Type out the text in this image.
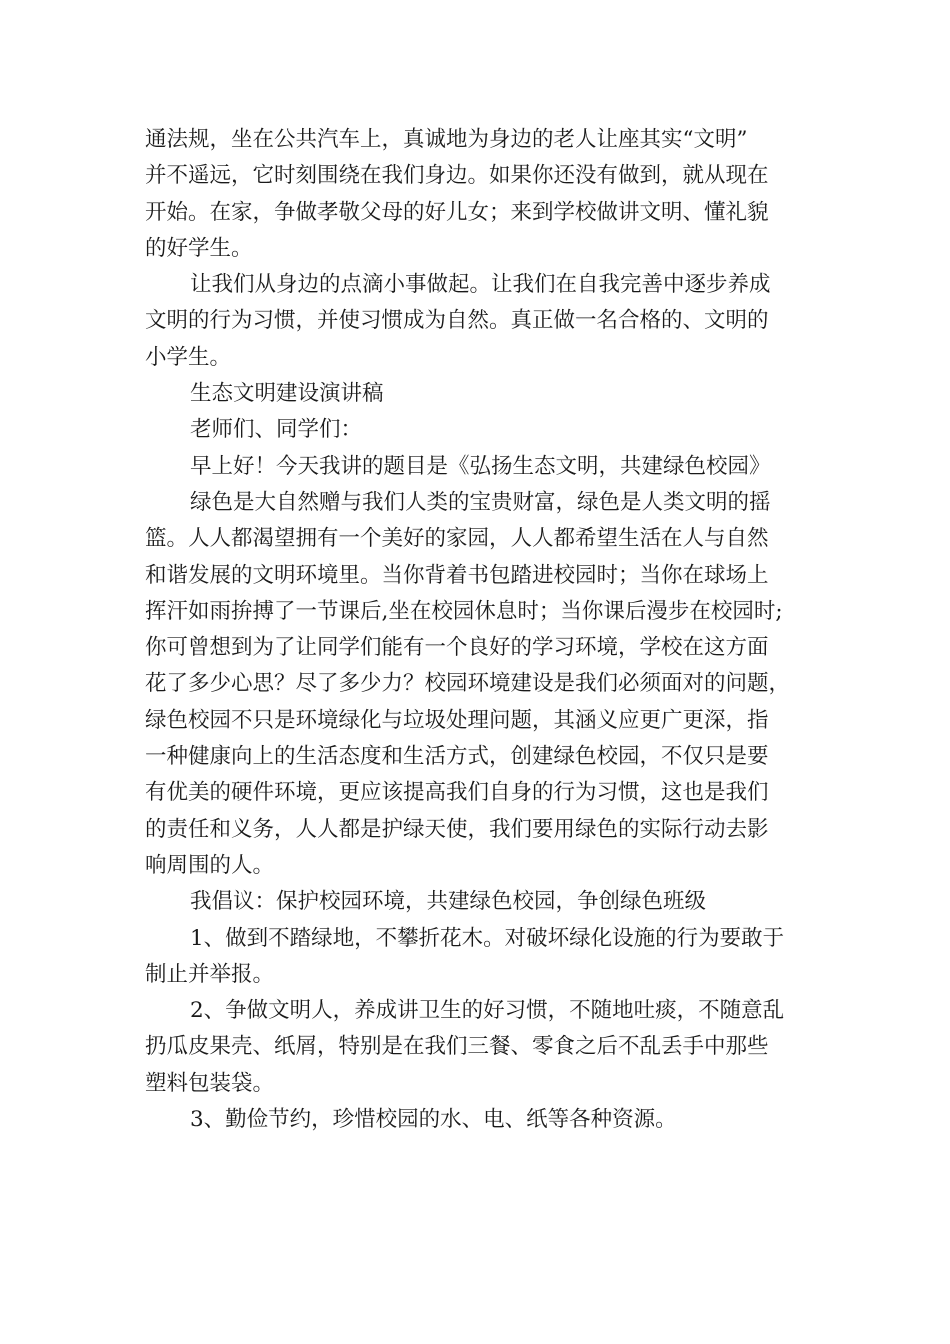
通法规，坐在公共汽车上，真诚地为身边的老人让座其实“文明”
并不遥远，它时刻围绕在我们身边。如果你还没有做到，就从现在
开始。在家，争做孝敬父母的好儿女；来到学校做讲文明、懂礼貌
的好学生。
让我们从身边的点滴小事做起。让我们在自我完善中逐步养成
文明的行为习惯，并使习惯成为自然。真正做一名合格的、文明的
小学生。
生态文明建设演讲稿
老师们、同学们：
早上好！今天我讲的题目是《弘扬生态文明，共建绿色校园》
绿色是大自然赠与我们人类的宝贵财富，绿色是人类文明的摇
篮。人人都渴望拥有一个美好的家园，人人都希望生活在人与自然
和谐发展的文明环境里。当你背着书包踏进校园时；当你在球场上
挥汗如雨拚搏了一节课后,坐在校园休息时；当你课后漫步在校园时;
你可曾想到为了让同学们能有一个良好的学习环境，学校在这方面
花了多少心思？尽了多少力？校园环境建设是我们必须面对的问题，
绿色校园不只是环境绿化与垃圾处理问题，其涵义应更广更深，指
一种健康向上的生活态度和生活方式，创建绿色校园，不仅只是要
有优美的硬件环境，更应该提高我们自身的行为习惯，这也是我们
的责任和义务，人人都是护绿天使，我们要用绿色的实际行动去影
响周围的人。
我倡议：保护校园环境，共建绿色校园，争创绿色班级
1、做到不踏绿地，不攀折花木。对破坏绿化设施的行为要敢于
制止并举报。
2、争做文明人，养成讲卫生的好习惯，不随地吐痰，不随意乱
扔瓜皮果壳、纸屑，特别是在我们三餐、零食之后不乱丢手中那些
塑料包装袋。
3、勤俭节约，珍惜校园的水、电、纸等各种资源。
